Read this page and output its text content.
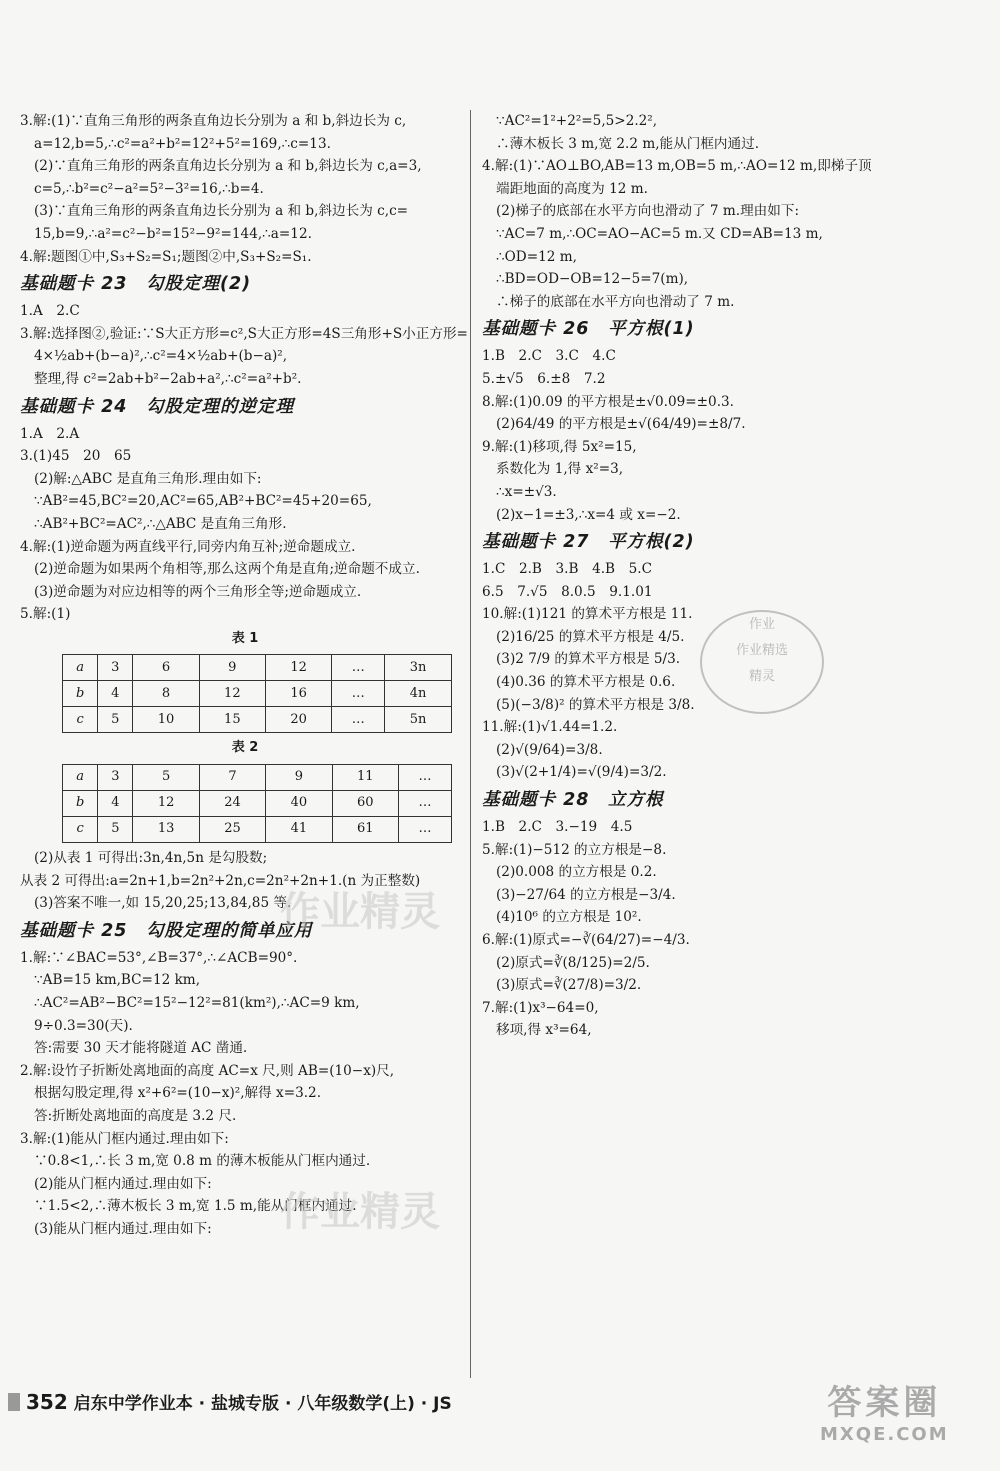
3.解:(1)∵直角三角形的两条直角边长分别为 a 和 b,斜边长为 c,
a=12,b=5,∴c²=a²+b²=12²+5²=169,∴c=13.
(2)∵直角三角形的两条直角边长分别为 a 和 b,斜边长为 c,a=3,
c=5,∴b²=c²−a²=5²−3²=16,∴b=4.
(3)∵直角三角形的两条直角边长分别为 a 和 b,斜边长为 c,c=
15,b=9,∴a²=c²−b²=15²−9²=144,∴a=12.
4.解:题图①中,S₃+S₂=S₁;题图②中,S₃+S₂=S₁.
基础题卡 23　勾股定理(2)
1.A　2.C
3.解:选择图②,验证:∵S大正方形=c²,S大正方形=4S三角形+S小正方形=
4×½ab+(b−a)²,∴c²=4×½ab+(b−a)²,
整理,得 c²=2ab+b²−2ab+a²,∴c²=a²+b².
基础题卡 24　勾股定理的逆定理
1.A　2.A
3.(1)45　20　65
(2)解:△ABC 是直角三角形.理由如下:
∵AB²=45,BC²=20,AC²=65,AB²+BC²=45+20=65,
∴AB²+BC²=AC²,∴△ABC 是直角三角形.
4.解:(1)逆命题为两直线平行,同旁内角互补;逆命题成立.
(2)逆命题为如果两个角相等,那么这两个角是直角;逆命题不成立.
(3)逆命题为对应边相等的两个三角形全等;逆命题成立.
5.解:(1)
表 1
a	3	6	9	12	…	3n
b	4	8	12	16	…	4n
c	5	10	15	20	…	5n
表 2
a	3	5	7	9	11	…
b	4	12	24	40	60	…
c	5	13	25	41	61	…
(2)从表 1 可得出:3n,4n,5n 是勾股数;
从表 2 可得出:a=2n+1,b=2n²+2n,c=2n²+2n+1.(n 为正整数)
(3)答案不唯一,如 15,20,25;13,84,85 等.
基础题卡 25　勾股定理的简单应用
1.解:∵∠BAC=53°,∠B=37°,∴∠ACB=90°.
∵AB=15 km,BC=12 km,
∴AC²=AB²−BC²=15²−12²=81(km²),∴AC=9 km,
9÷0.3=30(天).
答:需要 30 天才能将隧道 AC 凿通.
2.解:设竹子折断处离地面的高度 AC=x 尺,则 AB=(10−x)尺,
根据勾股定理,得 x²+6²=(10−x)²,解得 x=3.2.
答:折断处离地面的高度是 3.2 尺.
3.解:(1)能从门框内通过.理由如下:
∵0.8<1,∴长 3 m,宽 0.8 m 的薄木板能从门框内通过.
(2)能从门框内通过.理由如下:
∵1.5<2,∴薄木板长 3 m,宽 1.5 m,能从门框内通过.
(3)能从门框内通过.理由如下:
∵AC²=1²+2²=5,5>2.2²,
∴薄木板长 3 m,宽 2.2 m,能从门框内通过.
4.解:(1)∵AO⊥BO,AB=13 m,OB=5 m,∴AO=12 m,即梯子顶
端距地面的高度为 12 m.
(2)梯子的底部在水平方向也滑动了 7 m.理由如下:
∵AC=7 m,∴OC=AO−AC=5 m.又 CD=AB=13 m,
∴OD=12 m,
∴BD=OD−OB=12−5=7(m),
∴梯子的底部在水平方向也滑动了 7 m.
基础题卡 26　平方根(1)
1.B　2.C　3.C　4.C
5.±√5　6.±8　7.2
8.解:(1)0.09 的平方根是±√0.09=±0.3.
(2)64/49 的平方根是±√(64/49)=±8/7.
9.解:(1)移项,得 5x²=15,
系数化为 1,得 x²=3,
∴x=±√3.
(2)x−1=±3,∴x=4 或 x=−2.
基础题卡 27　平方根(2)
1.C　2.B　3.B　4.B　5.C
6.5　7.√5　8.0.5　9.1.01
10.解:(1)121 的算术平方根是 11.
(2)16/25 的算术平方根是 4/5.
(3)2 7/9 的算术平方根是 5/3.
(4)0.36 的算术平方根是 0.6.
(5)(−3/8)² 的算术平方根是 3/8.
11.解:(1)√1.44=1.2.
(2)√(9/64)=3/8.
(3)√(2+1/4)=√(9/4)=3/2.
基础题卡 28　立方根
1.B　2.C　3.−19　4.5
5.解:(1)−512 的立方根是−8.
(2)0.008 的立方根是 0.2.
(3)−27/64 的立方根是−3/4.
(4)10⁶ 的立方根是 10².
6.解:(1)原式=−∛(64/27)=−4/3.
(2)原式=∛(8/125)=2/5.
(3)原式=∛(27/8)=3/2.
7.解:(1)x³−64=0,
移项,得 x³=64,
作业
作业精选
精灵
作业精灵
作业精灵
352 启东中学作业本 · 盐城专版 · 八年级数学(上) · JS	答案圈
MXQE.COM
